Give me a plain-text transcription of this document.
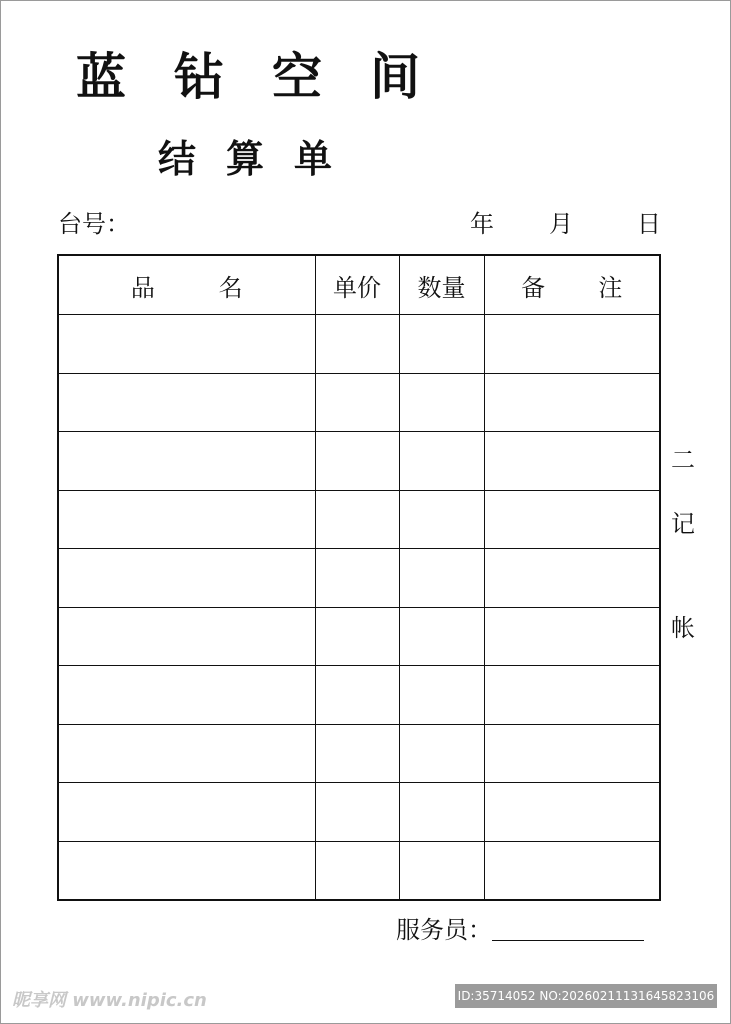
蓝钻空间
结算单
台号：	年 月	日
品 名	单价	数量	备 注

二
记
帐
服务员：
昵享网 www.nipic.cn	ID:35714052 NO:20260211131645823106
